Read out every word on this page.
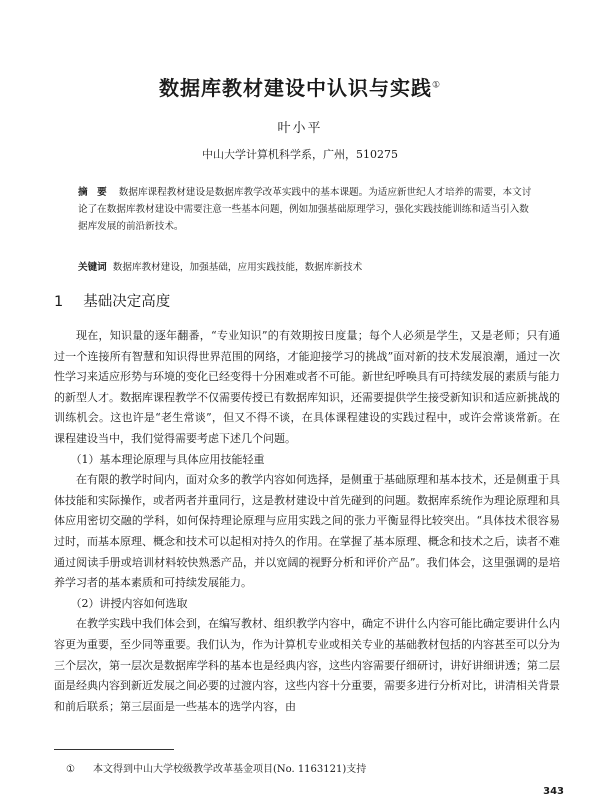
数据库教材建设中认识与实践①
叶小平
中山大学计算机科学系，广州，510275

摘　要 数据库课程教材建设是数据库教学改革实践中的基本课题。为适应新世纪人才培养的需要，本文讨论了在数据库教材建设中需要注意一些基本问题，例如加强基础原理学习，强化实践技能训练和适当引入数据库发展的前沿新技术。

关键词 数据库教材建设，加强基础，应用实践技能，数据库新技术

1 基础决定高度

现在，知识量的逐年翻番，“专业知识”的有效期按日度量；每个人必须是学生，又是老师；只有通过一个连接所有智慧和知识得世界范围的网络，才能迎接学习的挑战”面对新的技术发展浪潮，通过一次性学习来适应形势与环境的变化已经变得十分困难或者不可能。新世纪呼唤具有可持续发展的素质与能力的新型人才。数据库课程教学不仅需要传授已有数据库知识，还需要提供学生接受新知识和适应新挑战的训练机会。这也许是“老生常谈”，但又不得不谈，在具体课程建设的实践过程中，或许会常谈常新。在课程建设当中，我们觉得需要考虑下述几个问题。

（1）基本理论原理与具体应用技能轻重

在有限的教学时间内，面对众多的教学内容如何选择，是侧重于基础原理和基本技术，还是侧重于具体技能和实际操作，或者两者并重同行，这是教材建设中首先碰到的问题。数据库系统作为理论原理和具体应用密切交融的学科，如何保持理论原理与应用实践之间的张力平衡显得比较突出。“具体技术很容易过时，而基本原理、概念和技术可以起相对持久的作用。在掌握了基本原理、概念和技术之后，读者不难通过阅读手册或培训材料较快熟悉产品，并以宽阔的视野分析和评价产品”。我们体会，这里强调的是培养学习者的基本素质和可持续发展能力。

（2）讲授内容如何选取

在教学实践中我们体会到，在编写教材、组织教学内容中，确定不讲什么内容可能比确定要讲什么内容更为重要，至少同等重要。我们认为，作为计算机专业或相关专业的基础教材包括的内容甚至可以分为三个层次，第一层次是数据库学科的基本也是经典内容，这些内容需要仔细研讨，讲好讲细讲透；第二层面是经典内容到新近发展之间必要的过渡内容，这些内容十分重要，需要多进行分析对比，讲清相关背景和前后联系；第三层面是一些基本的选学内容，由

① 本文得到中山大学校级教学改革基金项目(No. 1163121)支持
343
